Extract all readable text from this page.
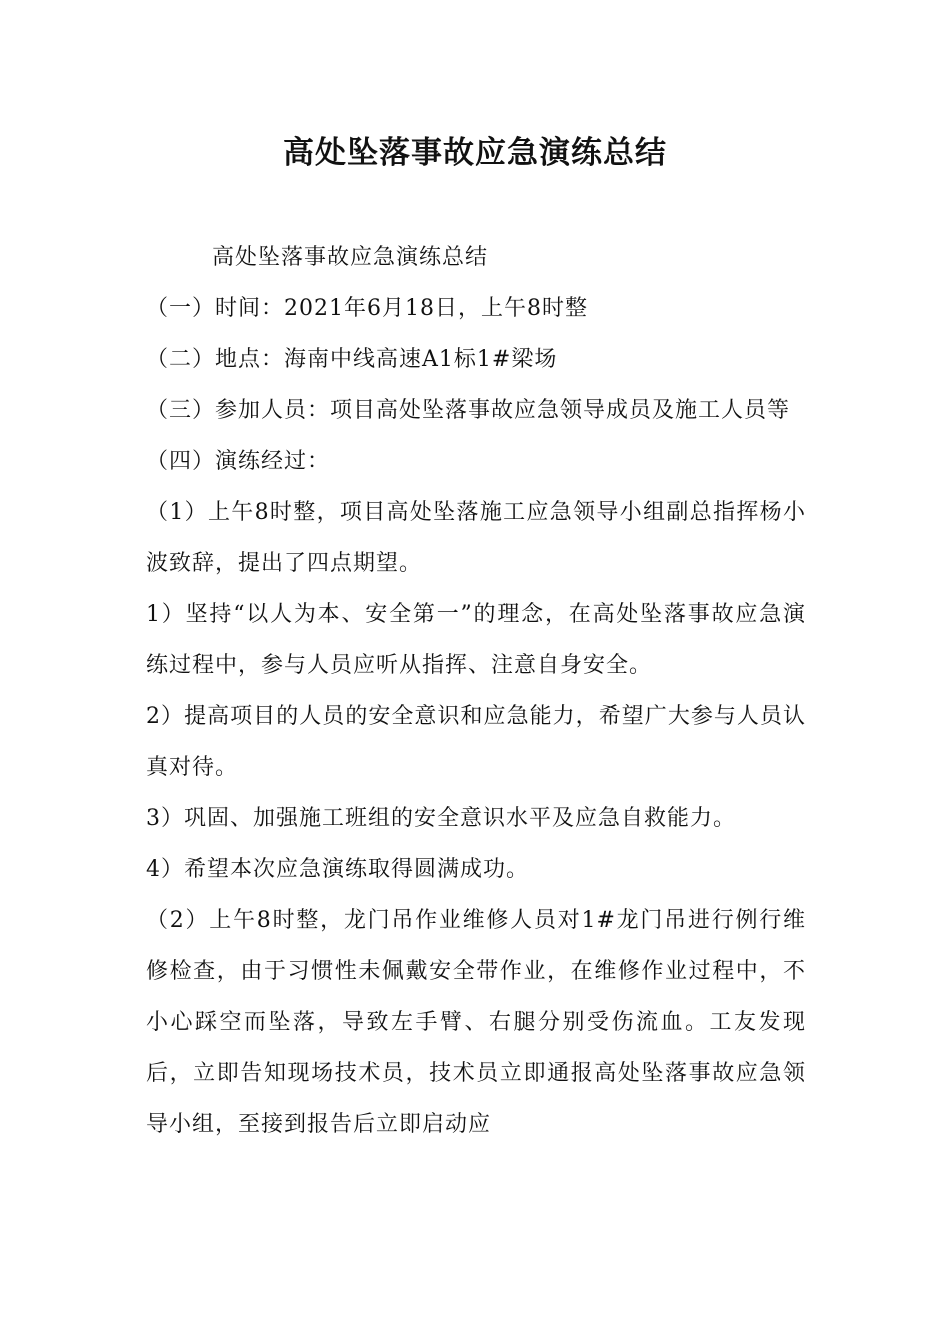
高处坠落事故应急演练总结

高处坠落事故应急演练总结

（一）时间：2021年6月18日，上午8时整

（二）地点：海南中线高速A1标1#梁场

（三）参加人员：项目高处坠落事故应急领导成员及施工人员等

（四）演练经过：

（1）上午8时整，项目高处坠落施工应急领导小组副总指挥杨小波致辞，提出了四点期望。

1）坚持“以人为本、安全第一”的理念，在高处坠落事故应急演练过程中，参与人员应听从指挥、注意自身安全。

2）提高项目的人员的安全意识和应急能力，希望广大参与人员认真对待。

3）巩固、加强施工班组的安全意识水平及应急自救能力。

4）希望本次应急演练取得圆满成功。

（2）上午8时整，龙门吊作业维修人员对1#龙门吊进行例行维修检查，由于习惯性未佩戴安全带作业，在维修作业过程中，不小心踩空而坠落，导致左手臂、右腿分别受伤流血。工友发现后，立即告知现场技术员，技术员立即通报高处坠落事故应急领导小组，至接到报告后立即启动应
